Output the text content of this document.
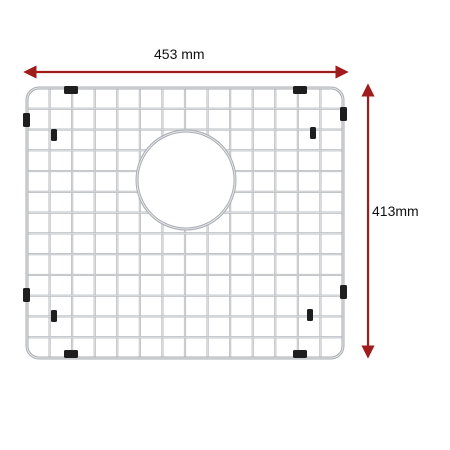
453 mm
413mm
